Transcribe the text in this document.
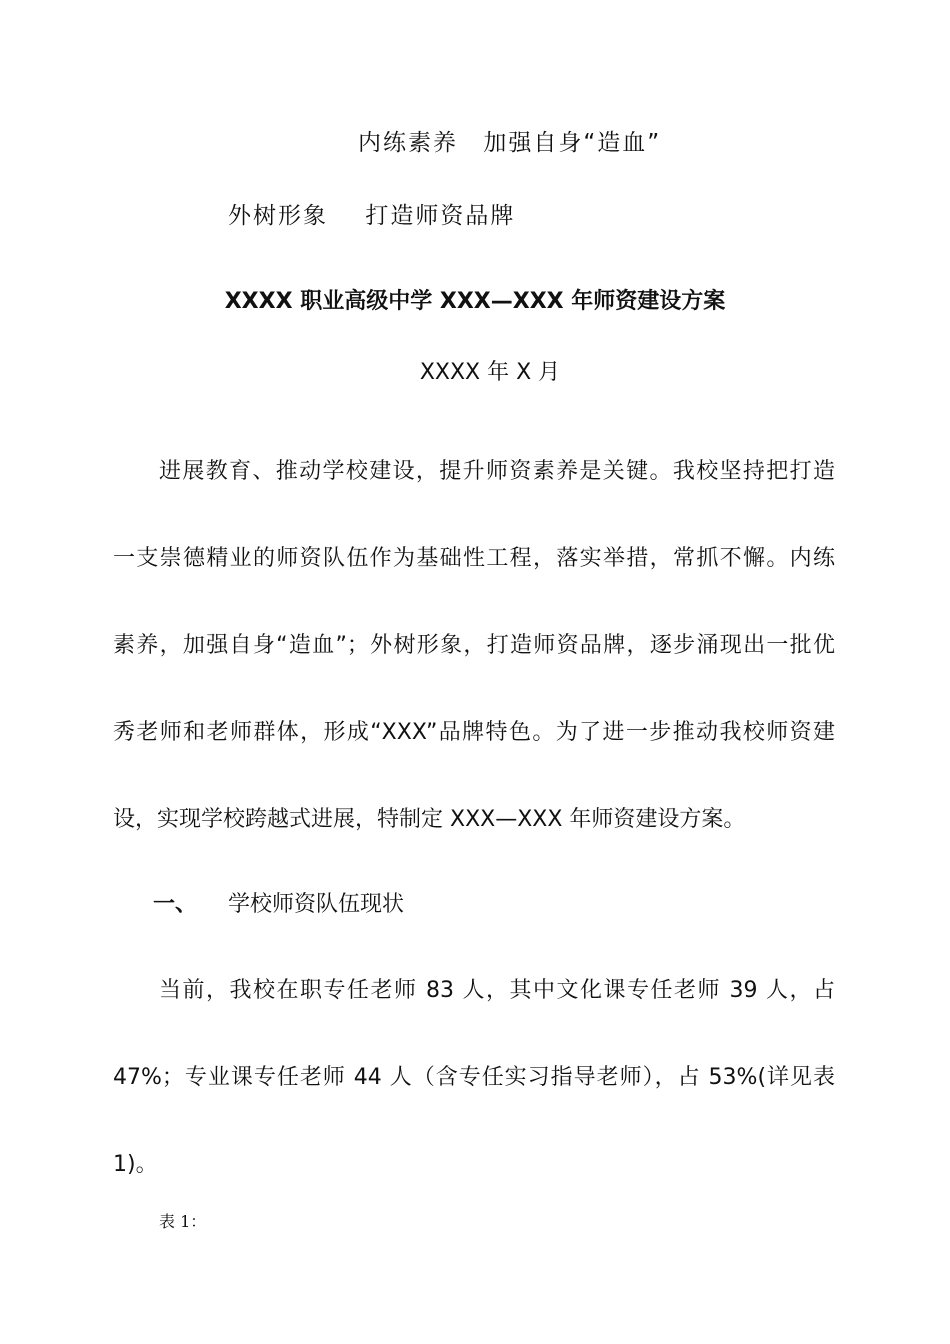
内练素养 加强自身“造血”
外树形象 打造师资品牌
XXXX 职业高级中学 XXX—XXX 年师资建设方案
XXXX 年 X 月
进展教育、推动学校建设，提升师资素养是关键。我校坚持把打造
一支崇德精业的师资队伍作为基础性工程，落实举措，常抓不懈。内练
素养，加强自身“造血”；外树形象，打造师资品牌，逐步涌现出一批优
秀老师和老师群体，形成“XXX”品牌特色。为了进一步推动我校师资建
设，实现学校跨越式进展，特制定 XXX—XXX 年师资建设方案。
一、 学校师资队伍现状
当前，我校在职专任老师 83 人，其中文化课专任老师 39 人，占
47%；专业课专任老师 44 人（含专任实习指导老师），占 53%(详见表
1)。
表 1：
